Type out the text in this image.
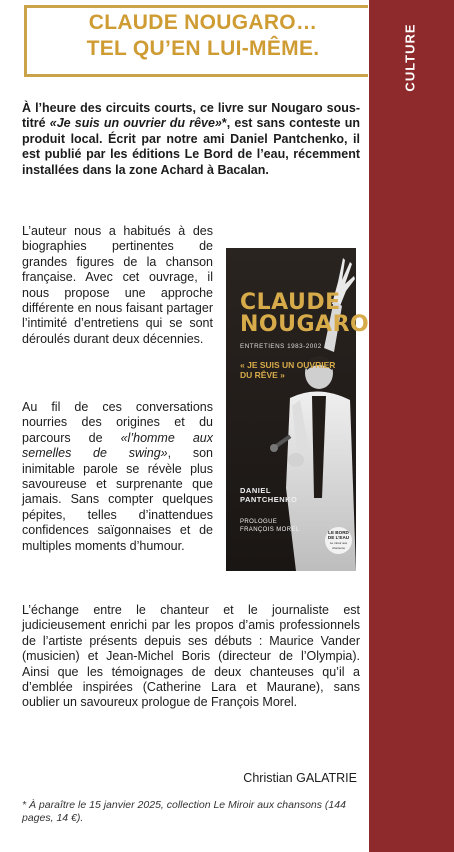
CULTURE
CLAUDE NOUGARO…
TEL QU’EN LUI-MÊME.

À l’heure des circuits courts, ce livre sur Nougaro sous-titré «Je suis un ouvrier du rêve»*, est sans conteste un produit local. Écrit par notre ami Daniel Pantchenko, il est publié par les éditions Le Bord de l’eau, récemment installées dans la zone Achard à Bacalan.

L’auteur nous a habitués à des biographies pertinentes de grandes figures de la chanson française. Avec cet ouvrage, il nous propose une approche différente en nous faisant partager l’intimité d’entretiens qui se sont déroulés durant deux décennies.

Au fil de ces conversations nourries des origines et du parcours de «l’homme aux semelles de swing», son inimitable parole se révèle plus savoureuse et surprenante que jamais. Sans compter quelques pépites, telles d’inattendues confidences saïgonnaises et de multiples moments d’humour.

L’échange entre le chanteur et le journaliste est judicieusement enrichi par les propos d’amis professionnels de l’artiste présents depuis ses débuts : Maurice Vander (musicien) et Jean-Michel Boris (directeur de l’Olympia). Ainsi que les témoignages de deux chanteuses qu’il a d’emblée inspirées (Catherine Lara et Maurane), sans oublier un savoureux prologue de François Morel.

Christian GALATRIE

* À paraître le 15 janvier 2025, collection Le Miroir aux chansons (144 pages, 14 €).

CLAUDE
NOUGARO

ENTRETIENS 1983-2002

« JE SUIS UN OUVRIER
DU RÊVE »

DANIEL
PANTCHENKO

PROLOGUE
FRANÇOIS MOREL

LE BORD
DE L’EAU
Le miroir aux chansons
